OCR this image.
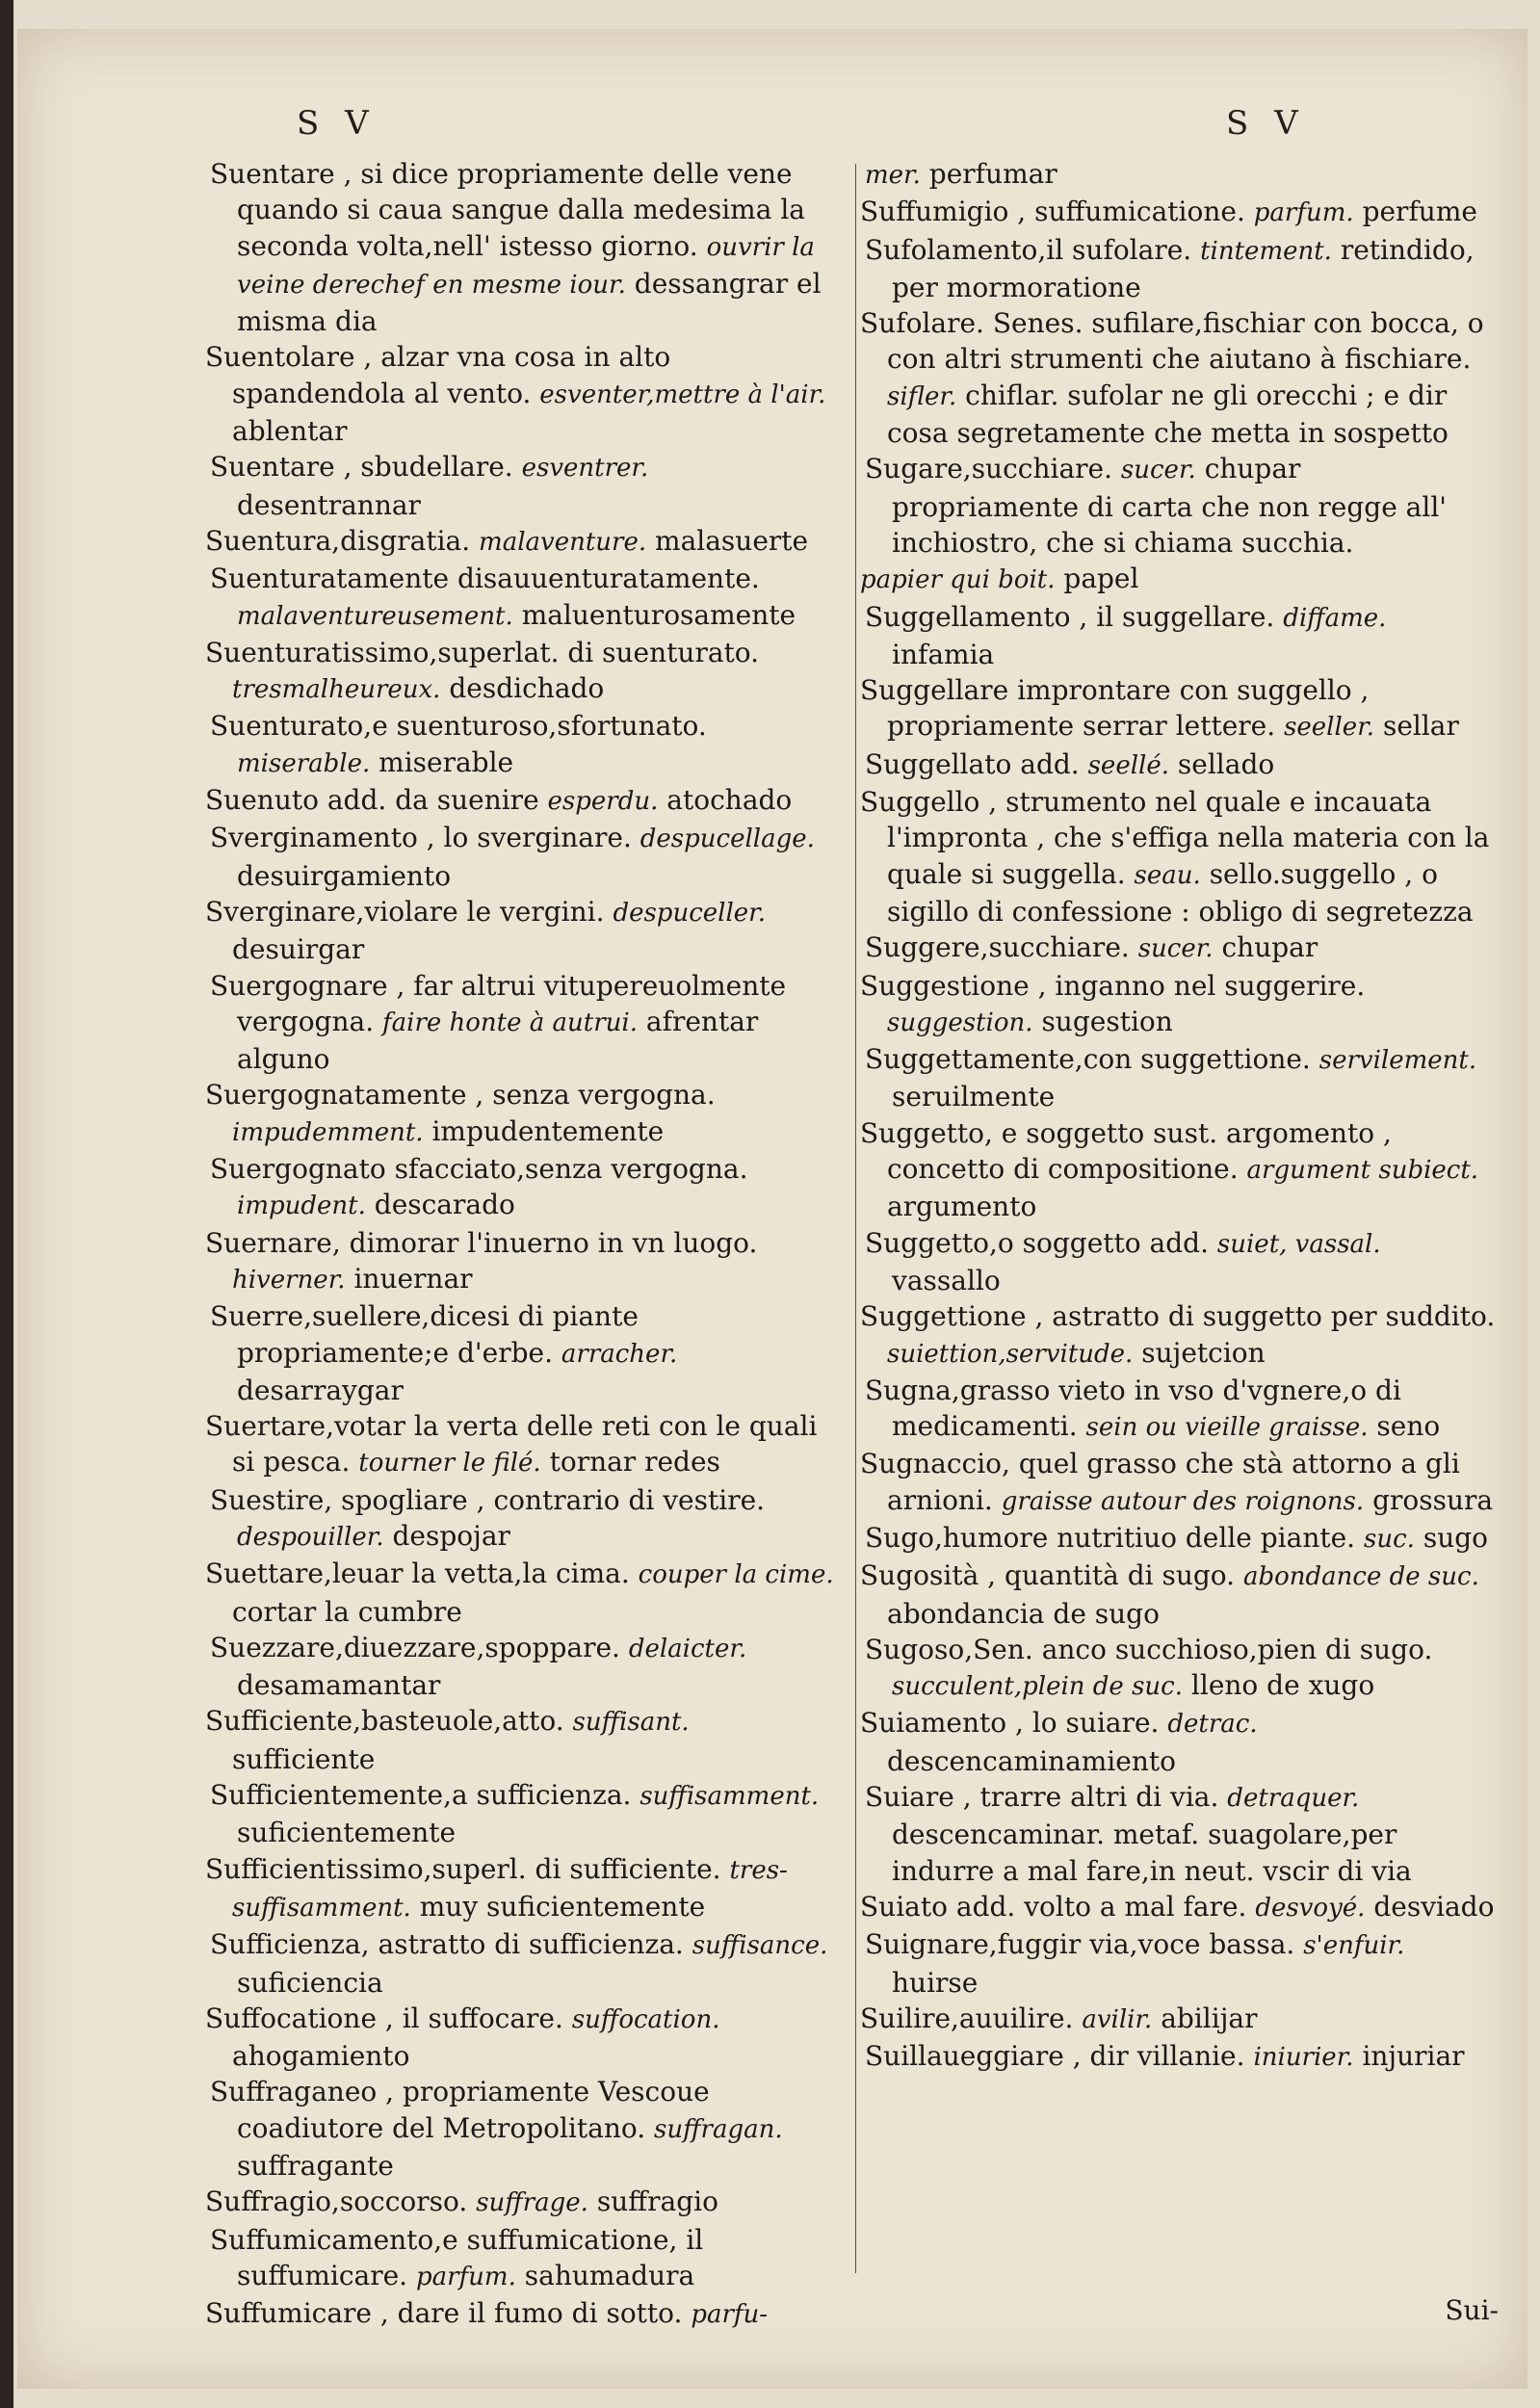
S V	S V
Suentare , si dice propriamente delle vene quando si caua sangue dalla medesima la seconda volta,nell' istesso giorno. ouvrir la veine derechef en mesme iour. dessangrar el mismа dia
Suentolare , alzar vna cosa in alto spandendola al vento. esventer,mettre à l'air. ablentar
Suentare , sbudellare. esventrer. desentrannar
Suentura,disgratia. malaventure. malasuerte
Suenturatamente disauuenturatamente. malaventureusement. maluenturosamente
Suenturatissimo,superlat. di suenturato. tresmalheureux. desdichado
Suenturato,e suenturoso,sfortunato. miserable. miserable
Suenuto add. da suenire esperdu. atochado
Sverginamento , lo sverginare. despucellage. desuirgamiento
Sverginare,violare le vergini. despuceller. desuirgar
Suergognare , far altrui vitupereuolmente vergogna. faire honte à autrui. afrentar alguno
Suergognatamente , senza vergogna. impudemment. impudentemente
Suergognato sfacciato,senza vergogna. impudent. descarado
Suernare, dimorar l'inuerno in vn luogo. hiverner. inuernar
Suerre,suellere,dicesi di piante propriamente;e d'erbe. arracher. desarraygar
Suertare,votar la verta delle reti con le quali si pesca. tourner le filé. tornar redes
Suestire, spogliare , contrario di vestire. despouiller. despojar
Suettare,leuar la vetta,la cima. couper la cime. cortar la cumbre
Suezzare,diuezzare,spoppare. delaicter. desamamantar
Sufficiente,basteuole,atto. suffisant. sufficiente
Sufficientemente,a sufficienza. suffisamment. suficientemente
Sufficientissimo,superl. di sufficiente. tres-suffisamment. muy suficientemente
Sufficienza, astratto di sufficienza. suffisance. suficiencia
Suffocatione , il suffocare. suffocation. ahogamiento
Suffraganeo , propriamente Vescoue coadiutore del Metropolitano. suffragan. suffragante
Suffragio,soccorso. suffrage. suffragio
Suffumicamento,e suffumicatione, il suffumicare. parfum. sahumadura
Suffumicare , dare il fumo di sotto. parfu-
mer. perfumar
Suffumigio , suffumicatione. parfum. perfume
Sufolamento,il sufolare. tintement. retindido, per mormoratione
Sufolare. Senes. sufilare,fischiar con bocca, o con altri strumenti che aiutano à fischiare. sifler. chiflar. sufolar ne gli orecchi ; e dir cosa segretamente che metta in sospetto
Sugare,succhiare. sucer. chupar propriamente di carta che non regge all' inchiostro, che si chiama succhia.
papier qui boit. papel
Suggellamento , il suggellare. diffame. infamia
Suggellare improntare con suggello , propriamente serrar lettere. seeller. sellar
Suggellato add. seellé. sellado
Suggello , strumento nel quale e incauata l'impronta , che s'effiga nella materia con la quale si suggella. seau. sello.suggello , o sigillo di confessione : obligo di segretezza
Suggere,succhiare. sucer. chupar
Suggestione , inganno nel suggerire. suggestion. sugestion
Suggettamente,con suggettione. servilement. seruilmente
Suggetto, e soggetto sust. argomento , concetto di compositione. argument subiect. argumento
Suggetto,o soggetto add. suiet, vassal. vassallo
Suggettione , astratto di suggetto per suddito. suiettion,servitude. sujetcion
Sugna,grasso vieto in vso d'vgnere,o di medicamenti. sein ou vieille graisse. seno
Sugnaccio, quel grasso che stà attorno a gli arnioni. graisse autour des roignons. grossura
Sugo,humore nutritiuo delle piante. suc. sugo
Sugosità , quantità di sugo. abondance de suc. abondancia de sugo
Sugoso,Sen. anco succhioso,pien di sugo. succulent,plein de suc. lleno de xugo
Suiamento , lo suiare. detrac. descencaminamiento
Suiare , trarre altri di via. detraquer. descencaminar. metaf. suagolare,per indurre a mal fare,in neut. vscir di via
Suiato add. volto a mal fare. desvoyé. desviado
Suignare,fuggir via,voce bassa. s'enfuir. huirse
Suilire,auuilire. avilir. abilijar
Suillaueggiare , dir villanie. iniurier. injuriar
Sui-
